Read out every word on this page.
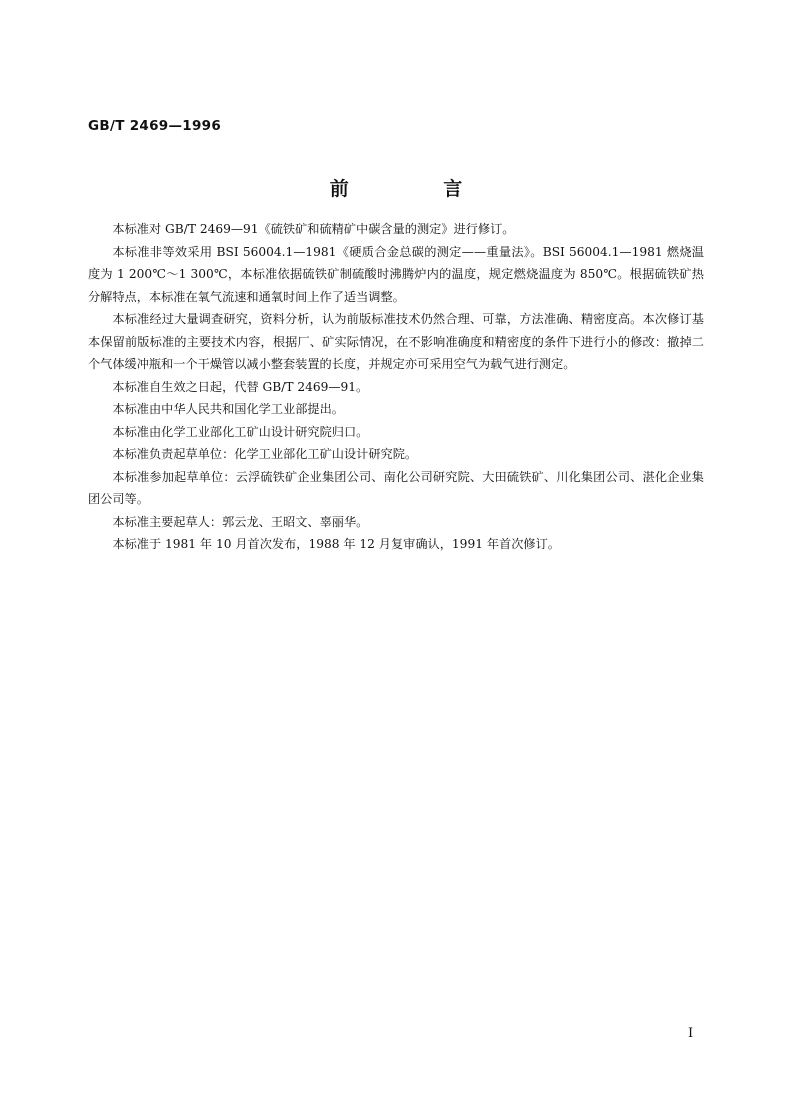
GB/T 2469—1996
前 言

本标准对 GB/T 2469—91《硫铁矿和硫精矿中碳含量的测定》进行修订。

本标准非等效采用 BSI 56004.1—1981《硬质合金总碳的测定——重量法》。BSI 56004.1—1981 燃烧温度为 1 200℃～1 300℃，本标准依据硫铁矿制硫酸时沸腾炉内的温度，规定燃烧温度为 850℃。根据硫铁矿热分解特点，本标准在氧气流速和通氧时间上作了适当调整。

本标准经过大量调查研究，资料分析，认为前版标准技术仍然合理、可靠，方法准确、精密度高。本次修订基本保留前版标准的主要技术内容，根据厂、矿实际情况，在不影响准确度和精密度的条件下进行小的修改：撤掉二个气体缓冲瓶和一个干燥管以减小整套装置的长度，并规定亦可采用空气为载气进行测定。

本标准自生效之日起，代替 GB/T 2469—91。

本标准由中华人民共和国化学工业部提出。

本标准由化学工业部化工矿山设计研究院归口。

本标准负责起草单位：化学工业部化工矿山设计研究院。

本标准参加起草单位：云浮硫铁矿企业集团公司、南化公司研究院、大田硫铁矿、川化集团公司、湛化企业集团公司等。

本标准主要起草人：郭云龙、王昭文、辜丽华。

本标准于 1981 年 10 月首次发布，1988 年 12 月复审确认，1991 年首次修订。

I
